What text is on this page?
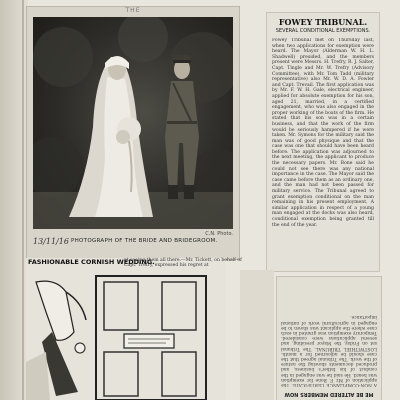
THE
C.N. Photo.
13/11/16 PHOTOGRAPH OF THE BRIDE AND BRIDEGROOM.
FOWEY TRIBUNAL.
SEVERAL CONDITIONAL EXEMPTIONS.
Fowey Tribunal met on Thursday last, when two applications for exemption were heard. The Mayor (Alderman W. H. L. Shadwell) presided, and the members present were Messrs. H. Trefry, R. J. Salter, Capt. Tingle and Mr. W. Trefry (Advisory Committee), with Mr. Tom Tadd (military representative) also Mr. W. D. A. Fowler and Capt. Trevail. The first application was by Mr. F. W. H. Gale, electrical engineer, applied for absolute exemption for his son, aged 21, married, in a certified engagement, who was also engaged in the proper working of the boats of the firm. He stated that his son was in a certain business, and that the work of the firm would be seriously hampered if he were taken. Mr. Symons for the military said the man was of good physique and that the case was one that should have been heard before. The application was adjourned to the next meeting, the applicant to produce the necessary papers. Mr. Bone said he could not see there was any national importance in the case. The Mayor said the case came before them as an ordinary one, and the man had not been passed for military service. The Tribunal agreed to grant exemption conditional on the man remaining in his present employment. A similar application in respect of a young man engaged at the docks was also heard, conditional exemption being granted till the end of the year.
FASHIONABLE CORNISH WEDDING.
at seeing them all there.—Mr. Tickett, on behalf of Capt. Trefry, expressed his regret at
ME BE ALTERED MEMBERS NOW
A NON-COMPLIANCE CERTIFICATE. The application of Mr. F. Bone for exemption was heard. He said he was engaged in the conduct of his father's business, and produced documents showing the nature of the work. The Tribunal agreed that the case should be adjourned for a month. LOSTWITHIEL TRIBUNAL. The Tribunal sat on Friday, the Mayor presiding, and several applications were considered. Temporary exemption was granted in each case where the applicant was shown to be engaged in agricultural work of national importance.
